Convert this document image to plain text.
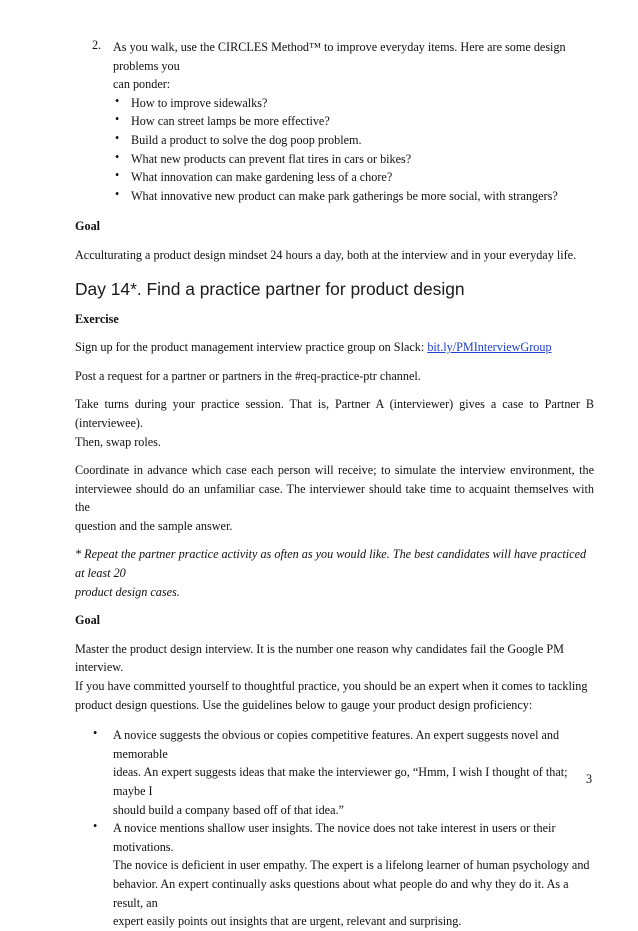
2. As you walk, use the CIRCLES Method™ to improve everyday items. Here are some design problems you

can ponder:

• How to improve sidewalks?

• How can street lamps be more effective?

• Build a product to solve the dog poop problem.

• What new products can prevent flat tires in cars or bikes?

• What innovation can make gardening less of a chore?

• What innovative new product can make park gatherings be more social, with strangers?

Goal

Acculturating a product design mindset 24 hours a day, both at the interview and in your everyday life.

Day 14*. Find a practice partner for product design

Exercise

Sign up for the product management interview practice group on Slack: bit.ly/PMInterviewGroup

Post a request for a partner or partners in the #req-practice-ptr channel.

Take turns during your practice session. That is, Partner A (interviewer) gives a case to Partner B (interviewee).

Then, swap roles.

Coordinate in advance which case each person will receive; to simulate the interview environment, the

interviewee should do an unfamiliar case. The interviewer should take time to acquaint themselves with the

question and the sample answer.

* Repeat the partner practice activity as often as you would like. The best candidates will have practiced at least 20

product design cases.

Goal

Master the product design interview. It is the number one reason why candidates fail the Google PM interview.

If you have committed yourself to thoughtful practice, you should be an expert when it comes to tackling

product design questions. Use the guidelines below to gauge your product design proficiency:

• A novice suggests the obvious or copies competitive features. An expert suggests novel and memorable

ideas. An expert suggests ideas that make the interviewer go, “Hmm, I wish I thought of that; maybe I

should build a company based off of that idea.”

• A novice mentions shallow user insights. The novice does not take interest in users or their motivations.

The novice is deficient in user empathy. The expert is a lifelong learner of human psychology and

behavior. An expert continually asks questions about what people do and why they do it. As a result, an

expert easily points out insights that are urgent, relevant and surprising.

3
